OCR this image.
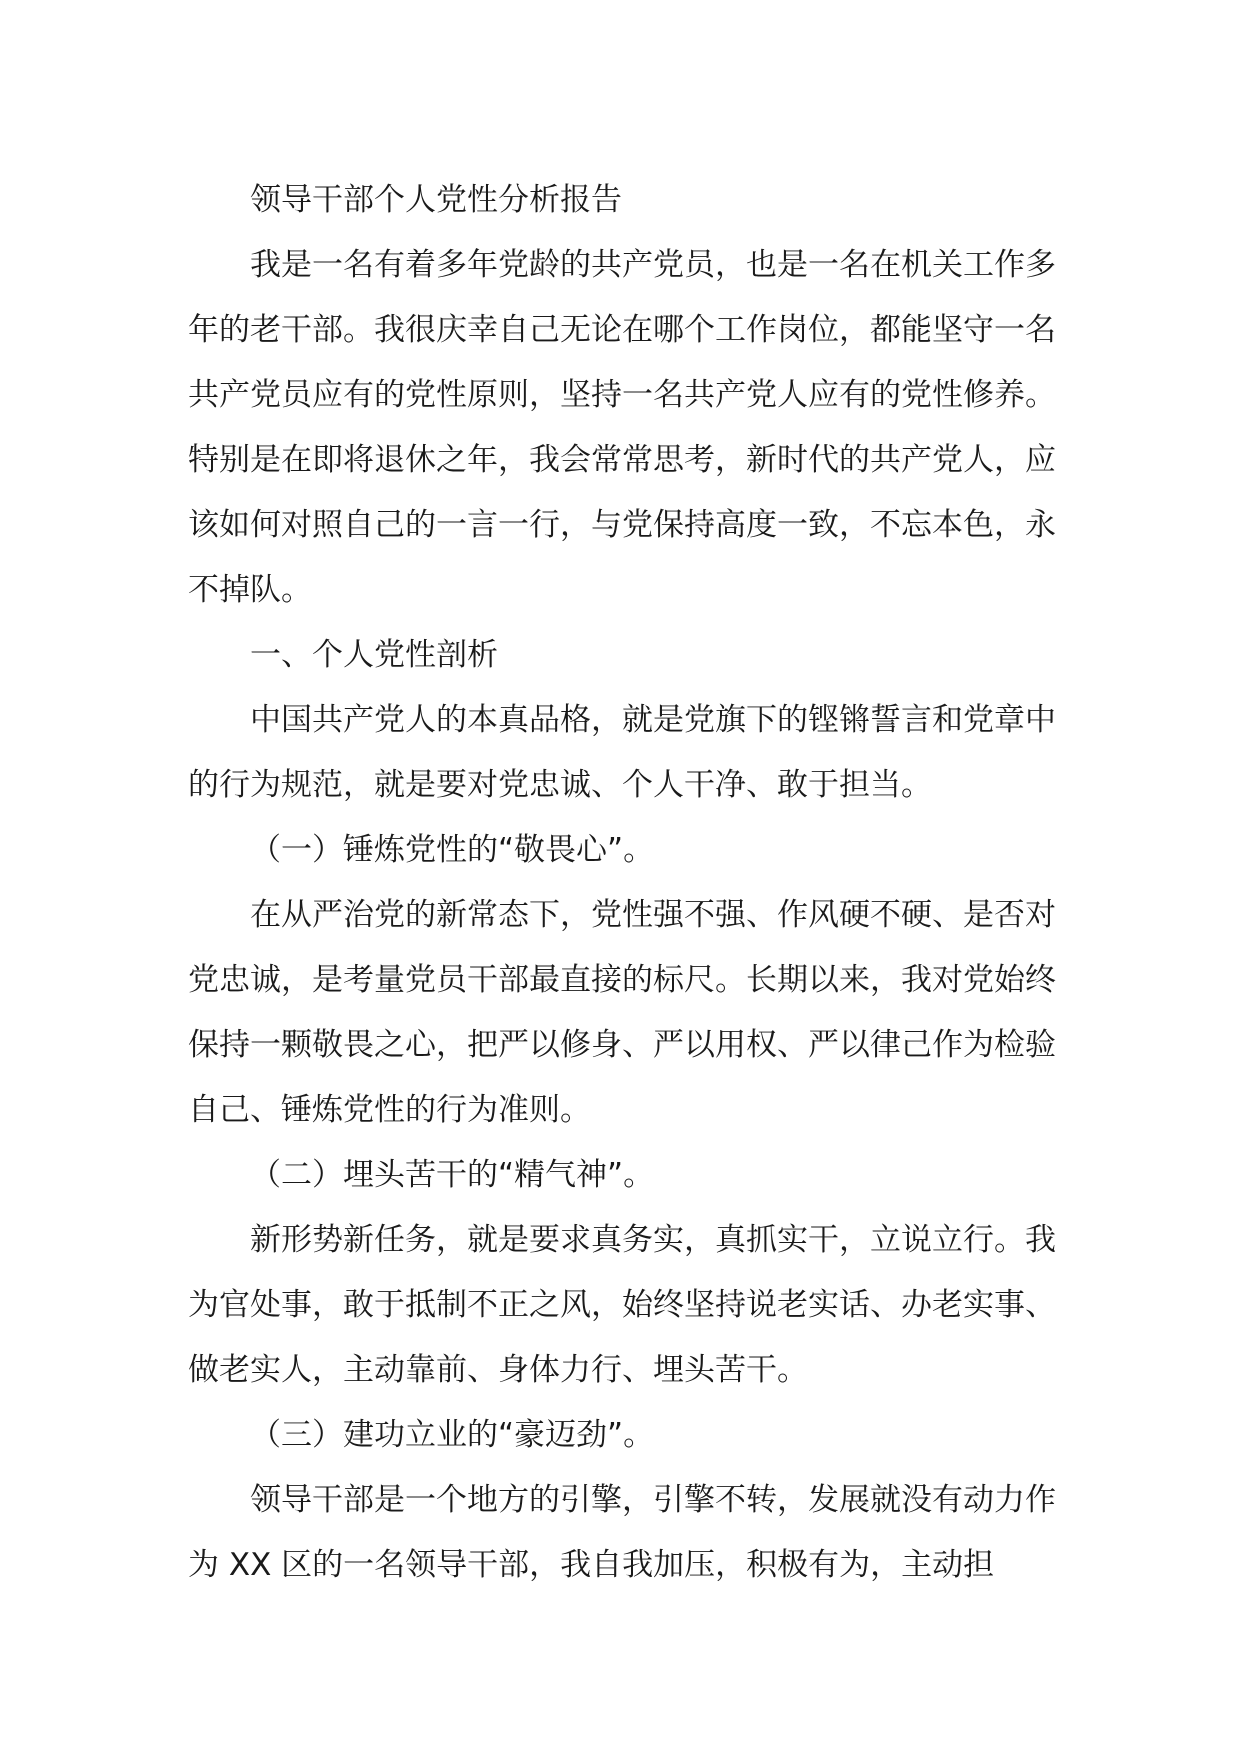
领导干部个人党性分析报告

我是一名有着多年党龄的共产党员，也是一名在机关工作多年的老干部。我很庆幸自己无论在哪个工作岗位，都能坚守一名共产党员应有的党性原则，坚持一名共产党人应有的党性修养。特别是在即将退休之年，我会常常思考，新时代的共产党人，应该如何对照自己的一言一行，与党保持高度一致，不忘本色，永不掉队。

一、个人党性剖析

中国共产党人的本真品格，就是党旗下的铿锵誓言和党章中的行为规范，就是要对党忠诚、个人干净、敢于担当。

（一）锤炼党性的“敬畏心”。

在从严治党的新常态下，党性强不强、作风硬不硬、是否对党忠诚，是考量党员干部最直接的标尺。长期以来，我对党始终保持一颗敬畏之心，把严以修身、严以用权、严以律己作为检验自己、锤炼党性的行为准则。

（二）埋头苦干的“精气神”。

新形势新任务，就是要求真务实，真抓实干，立说立行。我为官处事，敢于抵制不正之风，始终坚持说老实话、办老实事、做老实人，主动靠前、身体力行、埋头苦干。

（三）建功立业的“豪迈劲”。

领导干部是一个地方的引擎，引擎不转，发展就没有动力作为 XX 区的一名领导干部，我自我加压，积极有为，主动担
